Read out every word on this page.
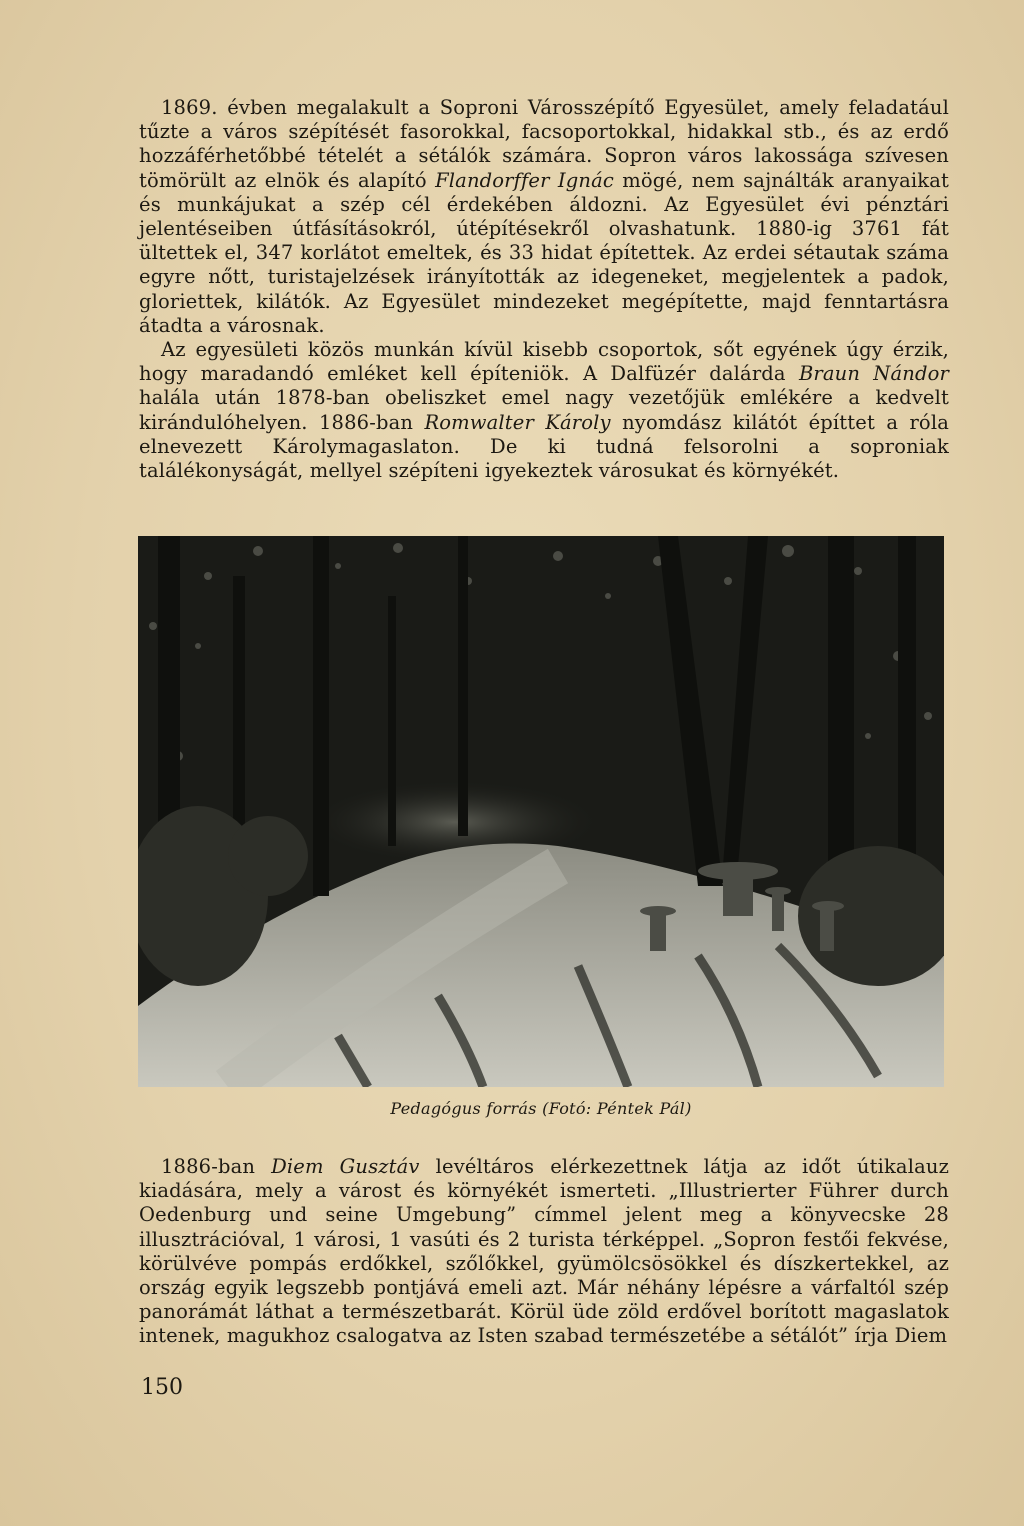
1869. évben megalakult a Soproni Városszépítő Egyesület, amely feladatául tűzte a város szépítését fasorokkal, facsoportokkal, hidakkal stb., és az erdő hozzáférhetőbbé tételét a sétálók számára. Sopron város lakossága szívesen tömörült az elnök és alapító Flandorffer Ignác mögé, nem sajnálták aranyaikat és munkájukat a szép cél érdekében áldozni. Az Egyesület évi pénztári jelentéseiben útfásításokról, útépítésekről olvashatunk. 1880-ig 3761 fát ültettek el, 347 korlátot emeltek, és 33 hidat építettek. Az erdei sétautak száma egyre nőtt, turistajelzések irányították az idegeneket, megjelentek a padok, gloriettek, kilátók. Az Egyesület mindezeket megépítette, majd fenntartásra átadta a városnak.

Az egyesületi közös munkán kívül kisebb csoportok, sőt egyének úgy érzik, hogy maradandó emléket kell építeniök. A Dalfüzér dalárda Braun Nándor halála után 1878-ban obeliszket emel nagy vezetőjük emlékére a kedvelt kirándulóhelyen. 1886-ban Romwalter Károly nyomdász kilátót építtet a róla elnevezett Károlymagaslaton. De ki tudná felsorolni a soproniak találékonyságát, mellyel szépíteni igyekeztek városukat és környékét.

Pedagógus forrás (Fotó: Péntek Pál)

1886-ban Diem Gusztáv levéltáros elérkezettnek látja az időt útikalauz kiadására, mely a várost és környékét ismerteti. „Illustrierter Führer durch Oedenburg und seine Umgebung” címmel jelent meg a könyvecske 28 illusztrációval, 1 városi, 1 vasúti és 2 turista térképpel. „Sopron festői fekvése, körülvéve pompás erdőkkel, szőlőkkel, gyümölcsösökkel és díszkertekkel, az ország egyik legszebb pontjává emeli azt. Már néhány lépésre a várfaltól szép panorámát láthat a természetbarát. Körül üde zöld erdővel borított magaslatok intenek, magukhoz csalogatva az Isten szabad természetébe a sétálót” írja Diem

150
